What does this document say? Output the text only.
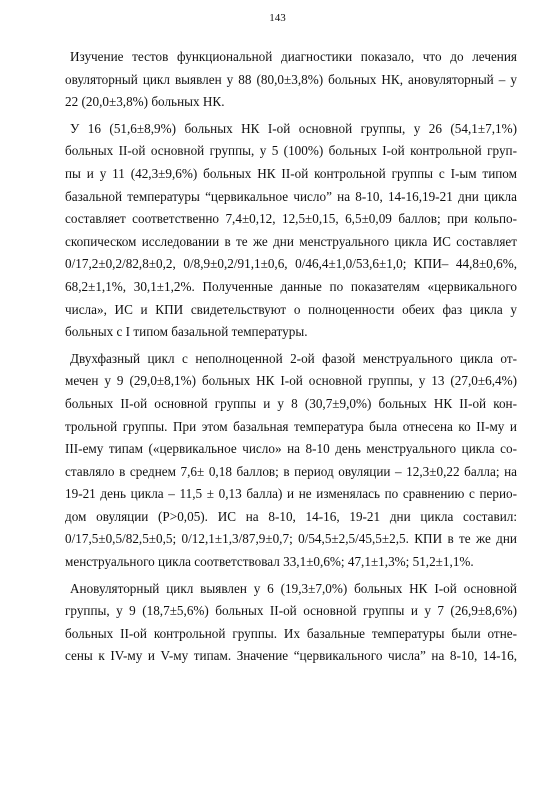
143
Изучение тестов функциональной диагностики показало, что до лечения
овуляторный цикл выявлен у 88 (80,0±3,8%) больных НК, ановуляторный – у
22 (20,0±3,8%) больных НК.
У 16 (51,6±8,9%) больных НК I-ой основной группы, у 26 (54,1±7,1%)
больных II-ой основной группы, у 5 (100%) больных I-ой контрольной груп-
пы и у 11 (42,3±9,6%) больных НК II-ой контрольной группы с I-ым типом
базальной температуры “цервикальное число” на 8-10, 14-16,19-21 дни цикла
составляет соответственно 7,4±0,12, 12,5±0,15, 6,5±0,09 баллов; при кольпо-
скопическом исследовании в те же дни менструального цикла ИС составляет
0/17,2±0,2/82,8±0,2, 0/8,9±0,2/91,1±0,6, 0/46,4±1,0/53,6±1,0; КПИ– 44,8±0,6%,
68,2±1,1%, 30,1±1,2%. Полученные данные по показателям «цервикального
числа», ИС и КПИ свидетельствуют о полноценности обеих фаз цикла у
больных с I типом базальной температуры.
Двухфазный цикл с неполноценной 2-ой фазой менструального цикла от-
мечен у 9 (29,0±8,1%) больных НК I-ой основной группы, у 13 (27,0±6,4%)
больных II-ой основной группы и у 8 (30,7±9,0%) больных НК II-ой кон-
трольной группы. При этом базальная температура была отнесена ко II-му и
III-ему типам («цервикальное число» на 8-10 день менструального цикла со-
ставляло в среднем 7,6± 0,18 баллов; в период овуляции – 12,3±0,22 балла; на
19-21 день цикла – 11,5 ± 0,13 балла) и не изменялась по сравнению с перио-
дом овуляции (Р>0,05). ИС на 8-10, 14-16, 19-21 дни цикла составил:
0/17,5±0,5/82,5±0,5; 0/12,1±1,3/87,9±0,7; 0/54,5±2,5/45,5±2,5. КПИ в те же дни
менструального цикла соответствовал 33,1±0,6%; 47,1±1,3%; 51,2±1,1%.
Ановуляторный цикл выявлен у 6 (19,3±7,0%) больных НК I-ой основной
группы, у 9 (18,7±5,6%) больных II-ой основной группы и у 7 (26,9±8,6%)
больных II-ой контрольной группы. Их базальные температуры были отне-
сены к IV-му и V-му типам. Значение “цервикального числа” на 8-10, 14-16,
